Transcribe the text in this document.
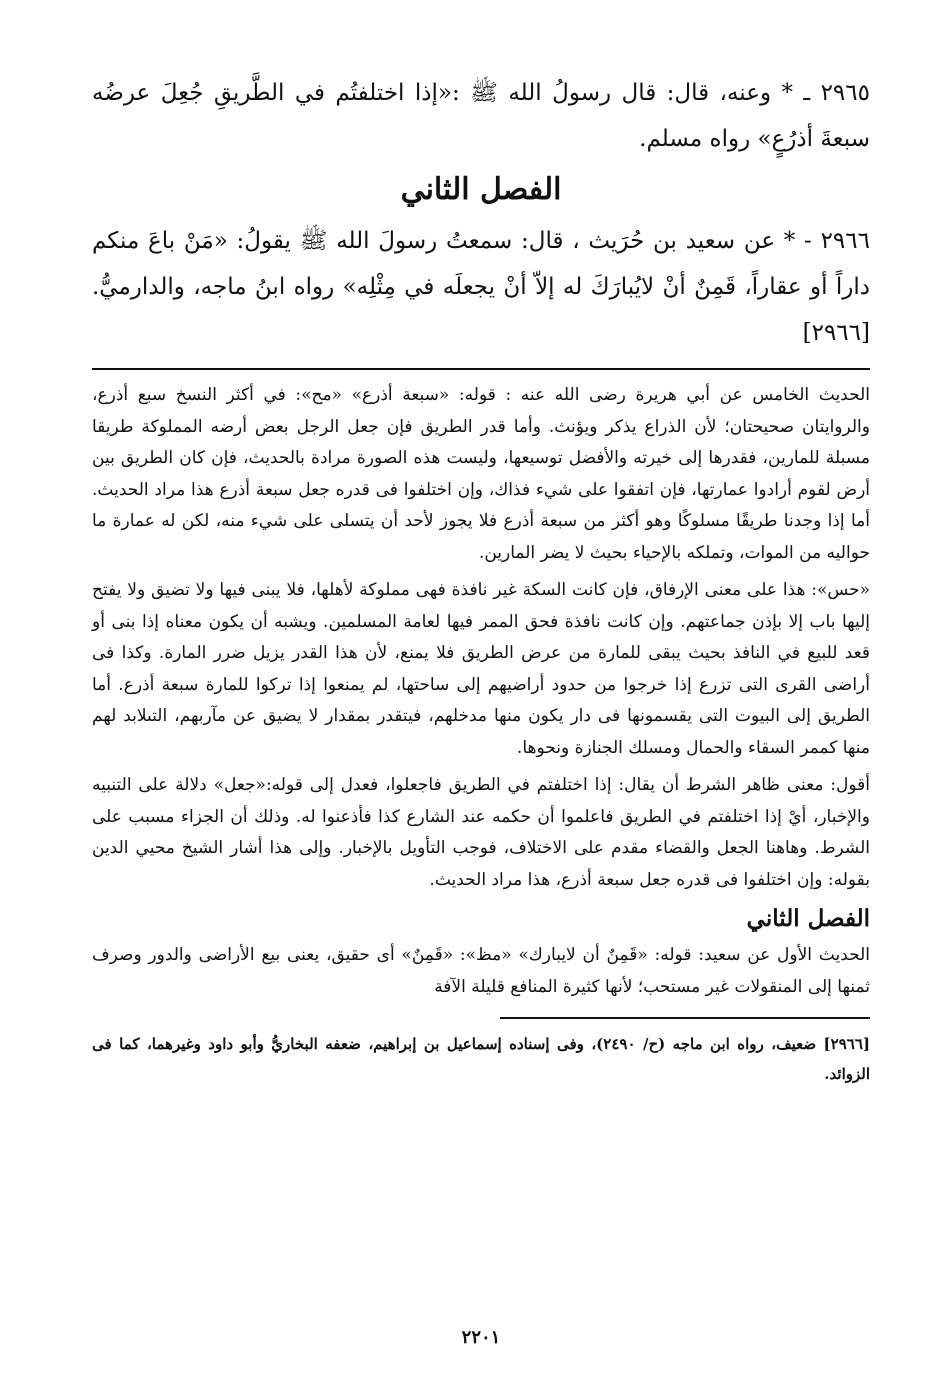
٢٩٦٥ ـ * وعنه، قال: قال رسولُ الله ﷺ :«إذا اختلفتُم في الطَّريقِ جُعِلَ عرضُه سبعةَ أذرُعٍ» رواه مسلم.

الفصل الثاني

٢٩٦٦ - * عن سعيد بن حُرَيث ، قال: سمعتُ رسولَ الله ﷺ يقولُ: «مَنْ باعَ منكم داراً أو عقاراً، قَمِنٌ أنْ لايُبارَكَ له إلاّ أنْ يجعلَه في مِثْلِه» رواه ابنُ ماجه، والدارميُّ. [٢٩٦٦]

الحديث الخامس عن أبي هريرة رضى الله عنه : قوله: «سبعة أذرع» «مح»: في أكثر النسخ سبع أذرع، والروايتان صحيحتان؛ لأن الذراع يذكر ويؤنث. وأما قدر الطريق فإن جعل الرجل بعض أرضه المملوكة طريقا مسبلة للمارين، فقدرها إلى خيرته والأفضل توسيعها، وليست هذه الصورة مرادة بالحديث، فإن كان الطريق بين أرض لقوم أرادوا عمارتها، فإن اتفقوا على شيء فذاك، وإن اختلفوا فى قدره جعل سبعة أذرع هذا مراد الحديث. أما إذا وجدنا طريقًا مسلوكًا وهو أكثر من سبعة أذرع فلا يجوز لأحد أن يتسلى على شيء منه، لكن له عمارة ما حواليه من الموات، وتملكه بالإحياء بحيث لا يضر المارين.

«حس»: هذا على معنى الإرفاق، فإن كانت السكة غير نافذة فهى مملوكة لأهلها، فلا يبنى فيها ولا تضيق ولا يفتح إليها باب إلا بإذن جماعتهم. وإن كانت نافذة فحق الممر فيها لعامة المسلمين. ويشبه أن يكون معناه إذا بنى أو قعد للبيع في النافذ بحيث يبقى للمارة من عرض الطريق فلا يمنع، لأن هذا القدر يزيل ضرر المارة. وكذا فى أراضى القرى التى تزرع إذا خرجوا من حدود أراضيهم إلى ساحتها، لم يمنعوا إذا تركوا للمارة سبعة أذرع. أما الطريق إلى البيوت التى يقسمونها فى دار يكون منها مدخلهم، فيتقدر بمقدار لا يضيق عن مآربهم، التىلابد لهم منها كممر السقاء والحمال ومسلك الجنازة ونحوها.

أقول: معنى ظاهر الشرط أن يقال: إذا اختلفتم في الطريق فاجعلوا، فعدل إلى قوله:«جعل» دلالة على التنبيه والإخبار، أيْ إذا اختلفتم في الطريق فاعلموا أن حكمه عند الشارع كذا فأذعنوا له. وذلك أن الجزاء مسبب على الشرط. وهاهنا الجعل والقضاء مقدم على الاختلاف، فوجب التأويل بالإخبار. وإلى هذا أشار الشيخ محيي الدين بقوله: وإن اختلفوا فى قدره جعل سبعة أذرع، هذا مراد الحديث.

الفصل الثاني

الحديث الأول عن سعيد: قوله: «قَمِنٌ أن لايبارك» «مظ»: «قَمِنٌ» أى حقيق، يعنى بيع الأراضى والدور وصرف ثمنها إلى المنقولات غير مستحب؛ لأنها كثيرة المنافع قليلة الآفة

[٢٩٦٦] ضعيف، رواه ابن ماجه (ح/ ٢٤٩٠)، وفى إسناده إسماعيل بن إبراهيم، ضعفه البخاريُّ وأبو داود وغيرهما، كما فى الزوائد.

٢٢٠١
